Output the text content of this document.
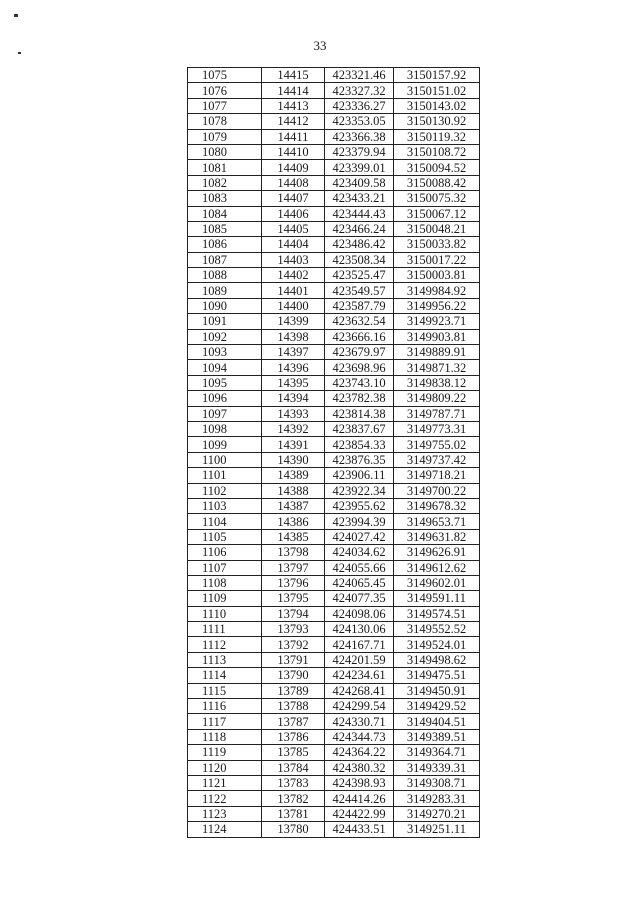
33
1075	14415	423321.46	3150157.92
1076	14414	423327.32	3150151.02
1077	14413	423336.27	3150143.02
1078	14412	423353.05	3150130.92
1079	14411	423366.38	3150119.32
1080	14410	423379.94	3150108.72
1081	14409	423399.01	3150094.52
1082	14408	423409.58	3150088.42
1083	14407	423433.21	3150075.32
1084	14406	423444.43	3150067.12
1085	14405	423466.24	3150048.21
1086	14404	423486.42	3150033.82
1087	14403	423508.34	3150017.22
1088	14402	423525.47	3150003.81
1089	14401	423549.57	3149984.92
1090	14400	423587.79	3149956.22
1091	14399	423632.54	3149923.71
1092	14398	423666.16	3149903.81
1093	14397	423679.97	3149889.91
1094	14396	423698.96	3149871.32
1095	14395	423743.10	3149838.12
1096	14394	423782.38	3149809.22
1097	14393	423814.38	3149787.71
1098	14392	423837.67	3149773.31
1099	14391	423854.33	3149755.02
1100	14390	423876.35	3149737.42
1101	14389	423906.11	3149718.21
1102	14388	423922.34	3149700.22
1103	14387	423955.62	3149678.32
1104	14386	423994.39	3149653.71
1105	14385	424027.42	3149631.82
1106	13798	424034.62	3149626.91
1107	13797	424055.66	3149612.62
1108	13796	424065.45	3149602.01
1109	13795	424077.35	3149591.11
1110	13794	424098.06	3149574.51
1111	13793	424130.06	3149552.52
1112	13792	424167.71	3149524.01
1113	13791	424201.59	3149498.62
1114	13790	424234.61	3149475.51
1115	13789	424268.41	3149450.91
1116	13788	424299.54	3149429.52
1117	13787	424330.71	3149404.51
1118	13786	424344.73	3149389.51
1119	13785	424364.22	3149364.71
1120	13784	424380.32	3149339.31
1121	13783	424398.93	3149308.71
1122	13782	424414.26	3149283.31
1123	13781	424422.99	3149270.21
1124	13780	424433.51	3149251.11
